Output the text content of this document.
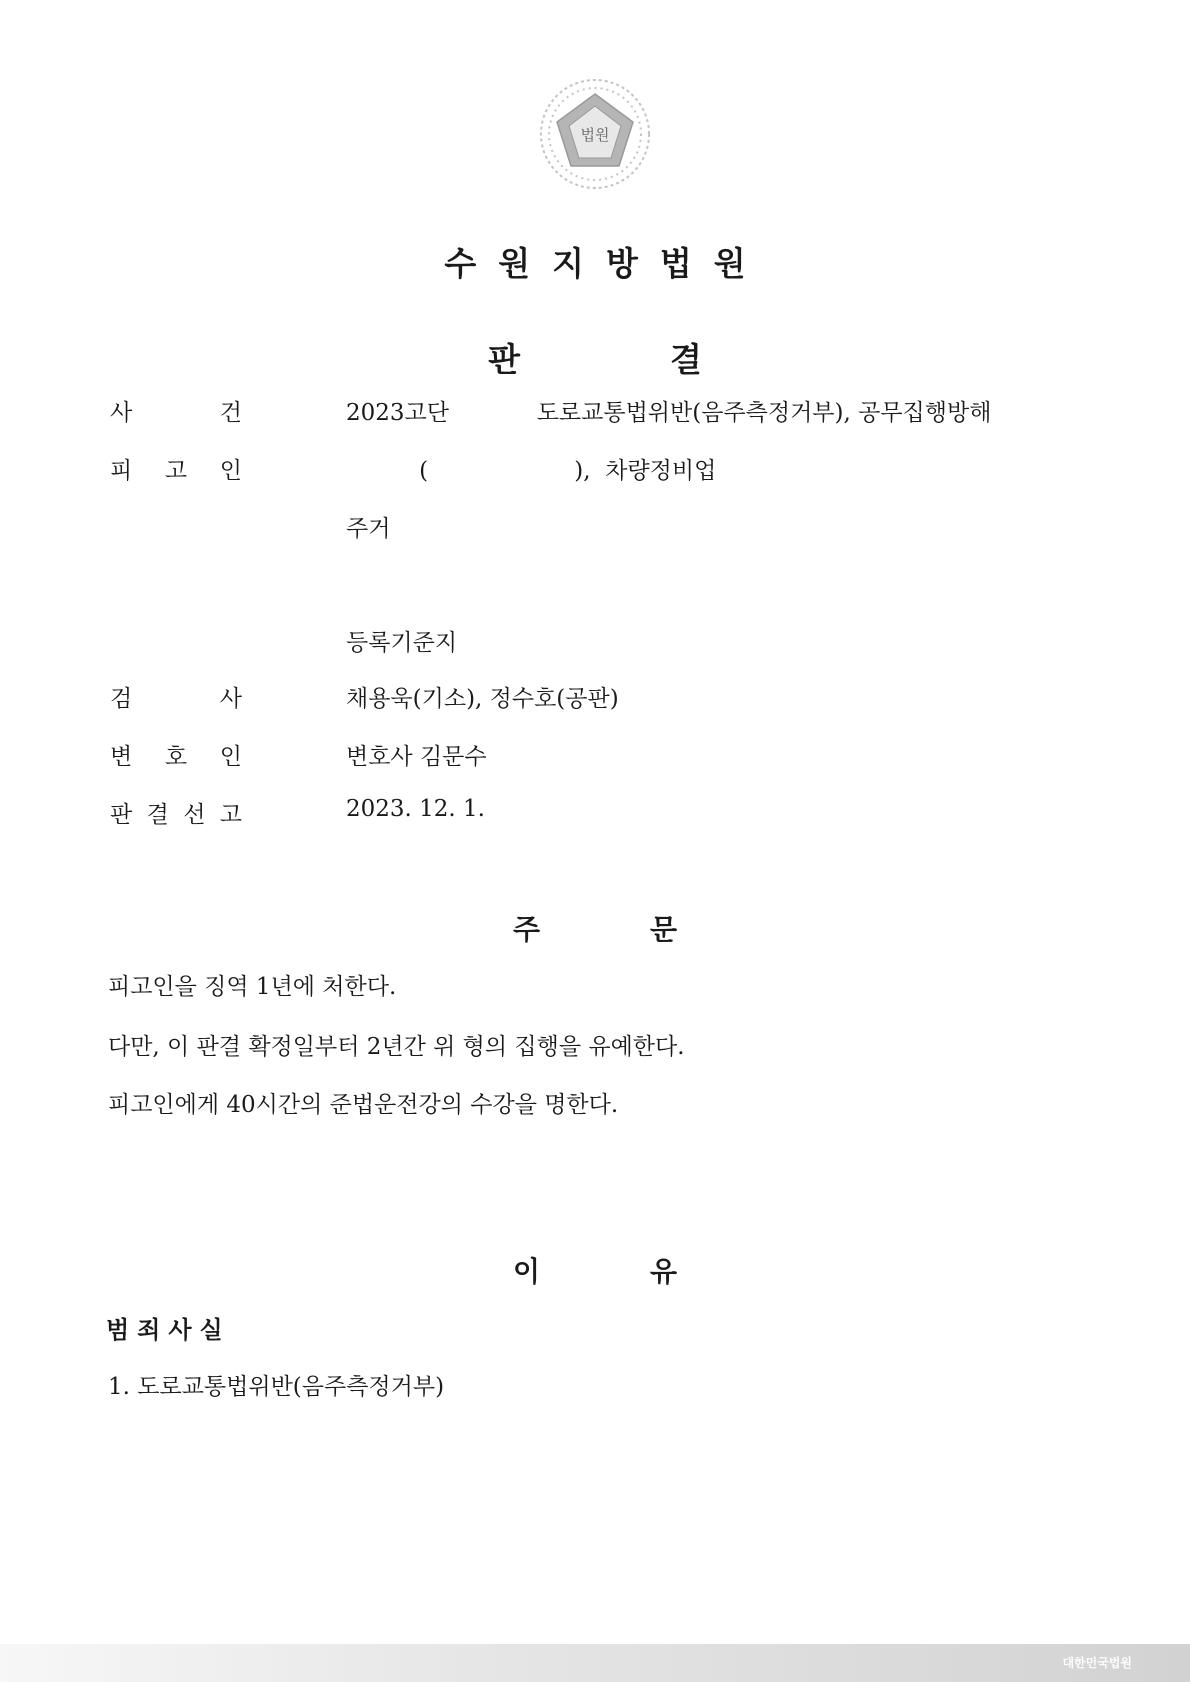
법원
수원지방법원
판결
사	건	2023고단            도로교통법위반(음주측정거부), 공무집행방해
피 고 인	(                    ),  차량정비업
주거
등록기준지
검	사	채용욱(기소), 정수호(공판)
변 호 인	변호사 김문수
판 결 선 고	2023. 12. 1.
주문
피고인을 징역 1년에 처한다.
다만, 이 판결 확정일부터 2년간 위 형의 집행을 유예한다.
피고인에게 40시간의 준법운전강의 수강을 명한다.
이유
범죄사실
1. 도로교통법위반(음주측정거부)
대한민국법원
